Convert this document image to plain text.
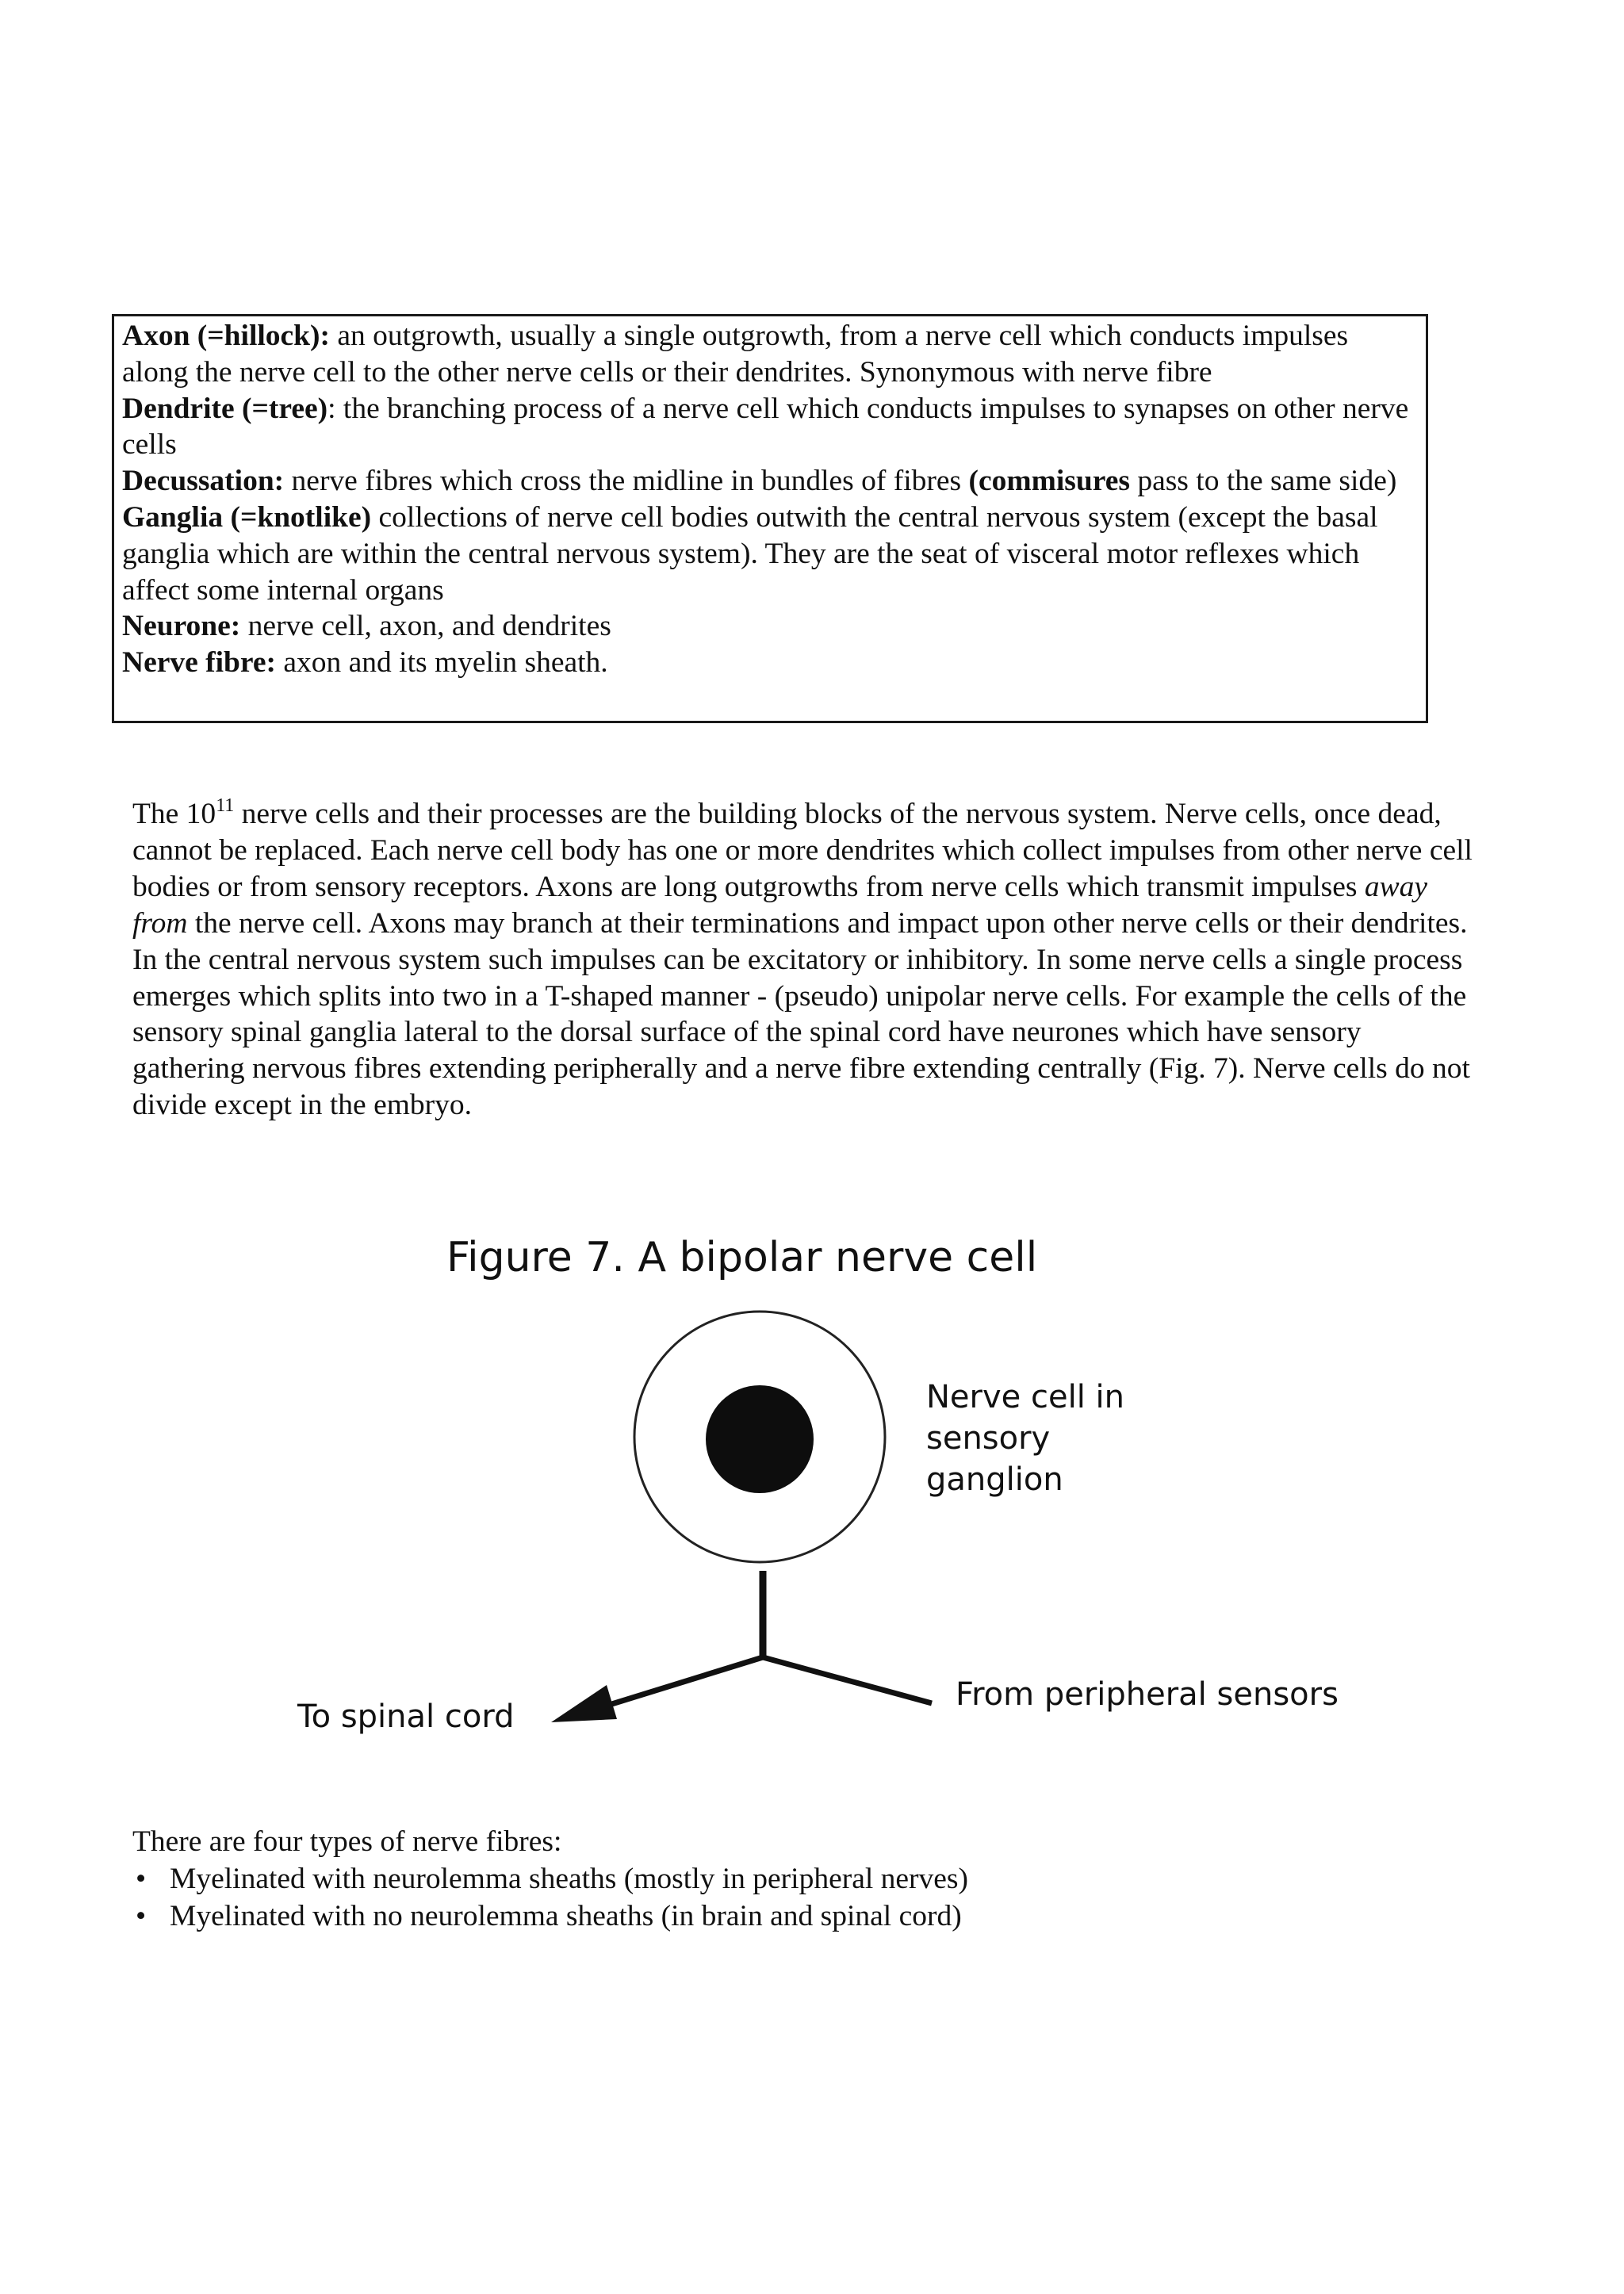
Axon (=hillock): an outgrowth, usually a single outgrowth, from a nerve cell which conducts impulses along the nerve cell to the other nerve cells or their dendrites. Synonymous with nerve fibre

Dendrite (=tree): the branching process of a nerve cell which conducts impulses to synapses on other nerve cells

Decussation: nerve fibres which cross the midline in bundles of fibres (commisures pass to the same side)

Ganglia (=knotlike) collections of nerve cell bodies outwith the central nervous system (except the basal ganglia which are within the central nervous system). They are the seat of visceral motor reflexes which affect some internal organs

Neurone: nerve cell, axon, and dendrites

Nerve fibre: axon and its myelin sheath.

The $10^{11}$ nerve cells and their processes are the building blocks of the nervous system. Nerve cells, once dead, cannot be replaced. Each nerve cell body has one or more dendrites which collect impulses from other nerve cell bodies or from sensory receptors. Axons are long outgrowths from nerve cells which transmit impulses away from the nerve cell. Axons may branch at their terminations and impact upon other nerve cells or their dendrites. In the central nervous system such impulses can be excitatory or inhibitory. In some nerve cells a single process emerges which splits into two in a T-shaped manner - (pseudo) unipolar nerve cells. For example the cells of the sensory spinal ganglia lateral to the dorsal surface of the spinal cord have neurones which have sensory gathering nervous fibres extending peripherally and a nerve fibre extending centrally (Fig. 7). Nerve cells do not divide except in the embryo.

Figure 7. A bipolar nerve cell
Nerve cell in
sensory
ganglion
To spinal cord
From peripheral sensors

There are four types of nerve fibres:

• Myelinated with neurolemma sheaths (mostly in peripheral nerves)
• Myelinated with no neurolemma sheaths (in brain and spinal cord)
